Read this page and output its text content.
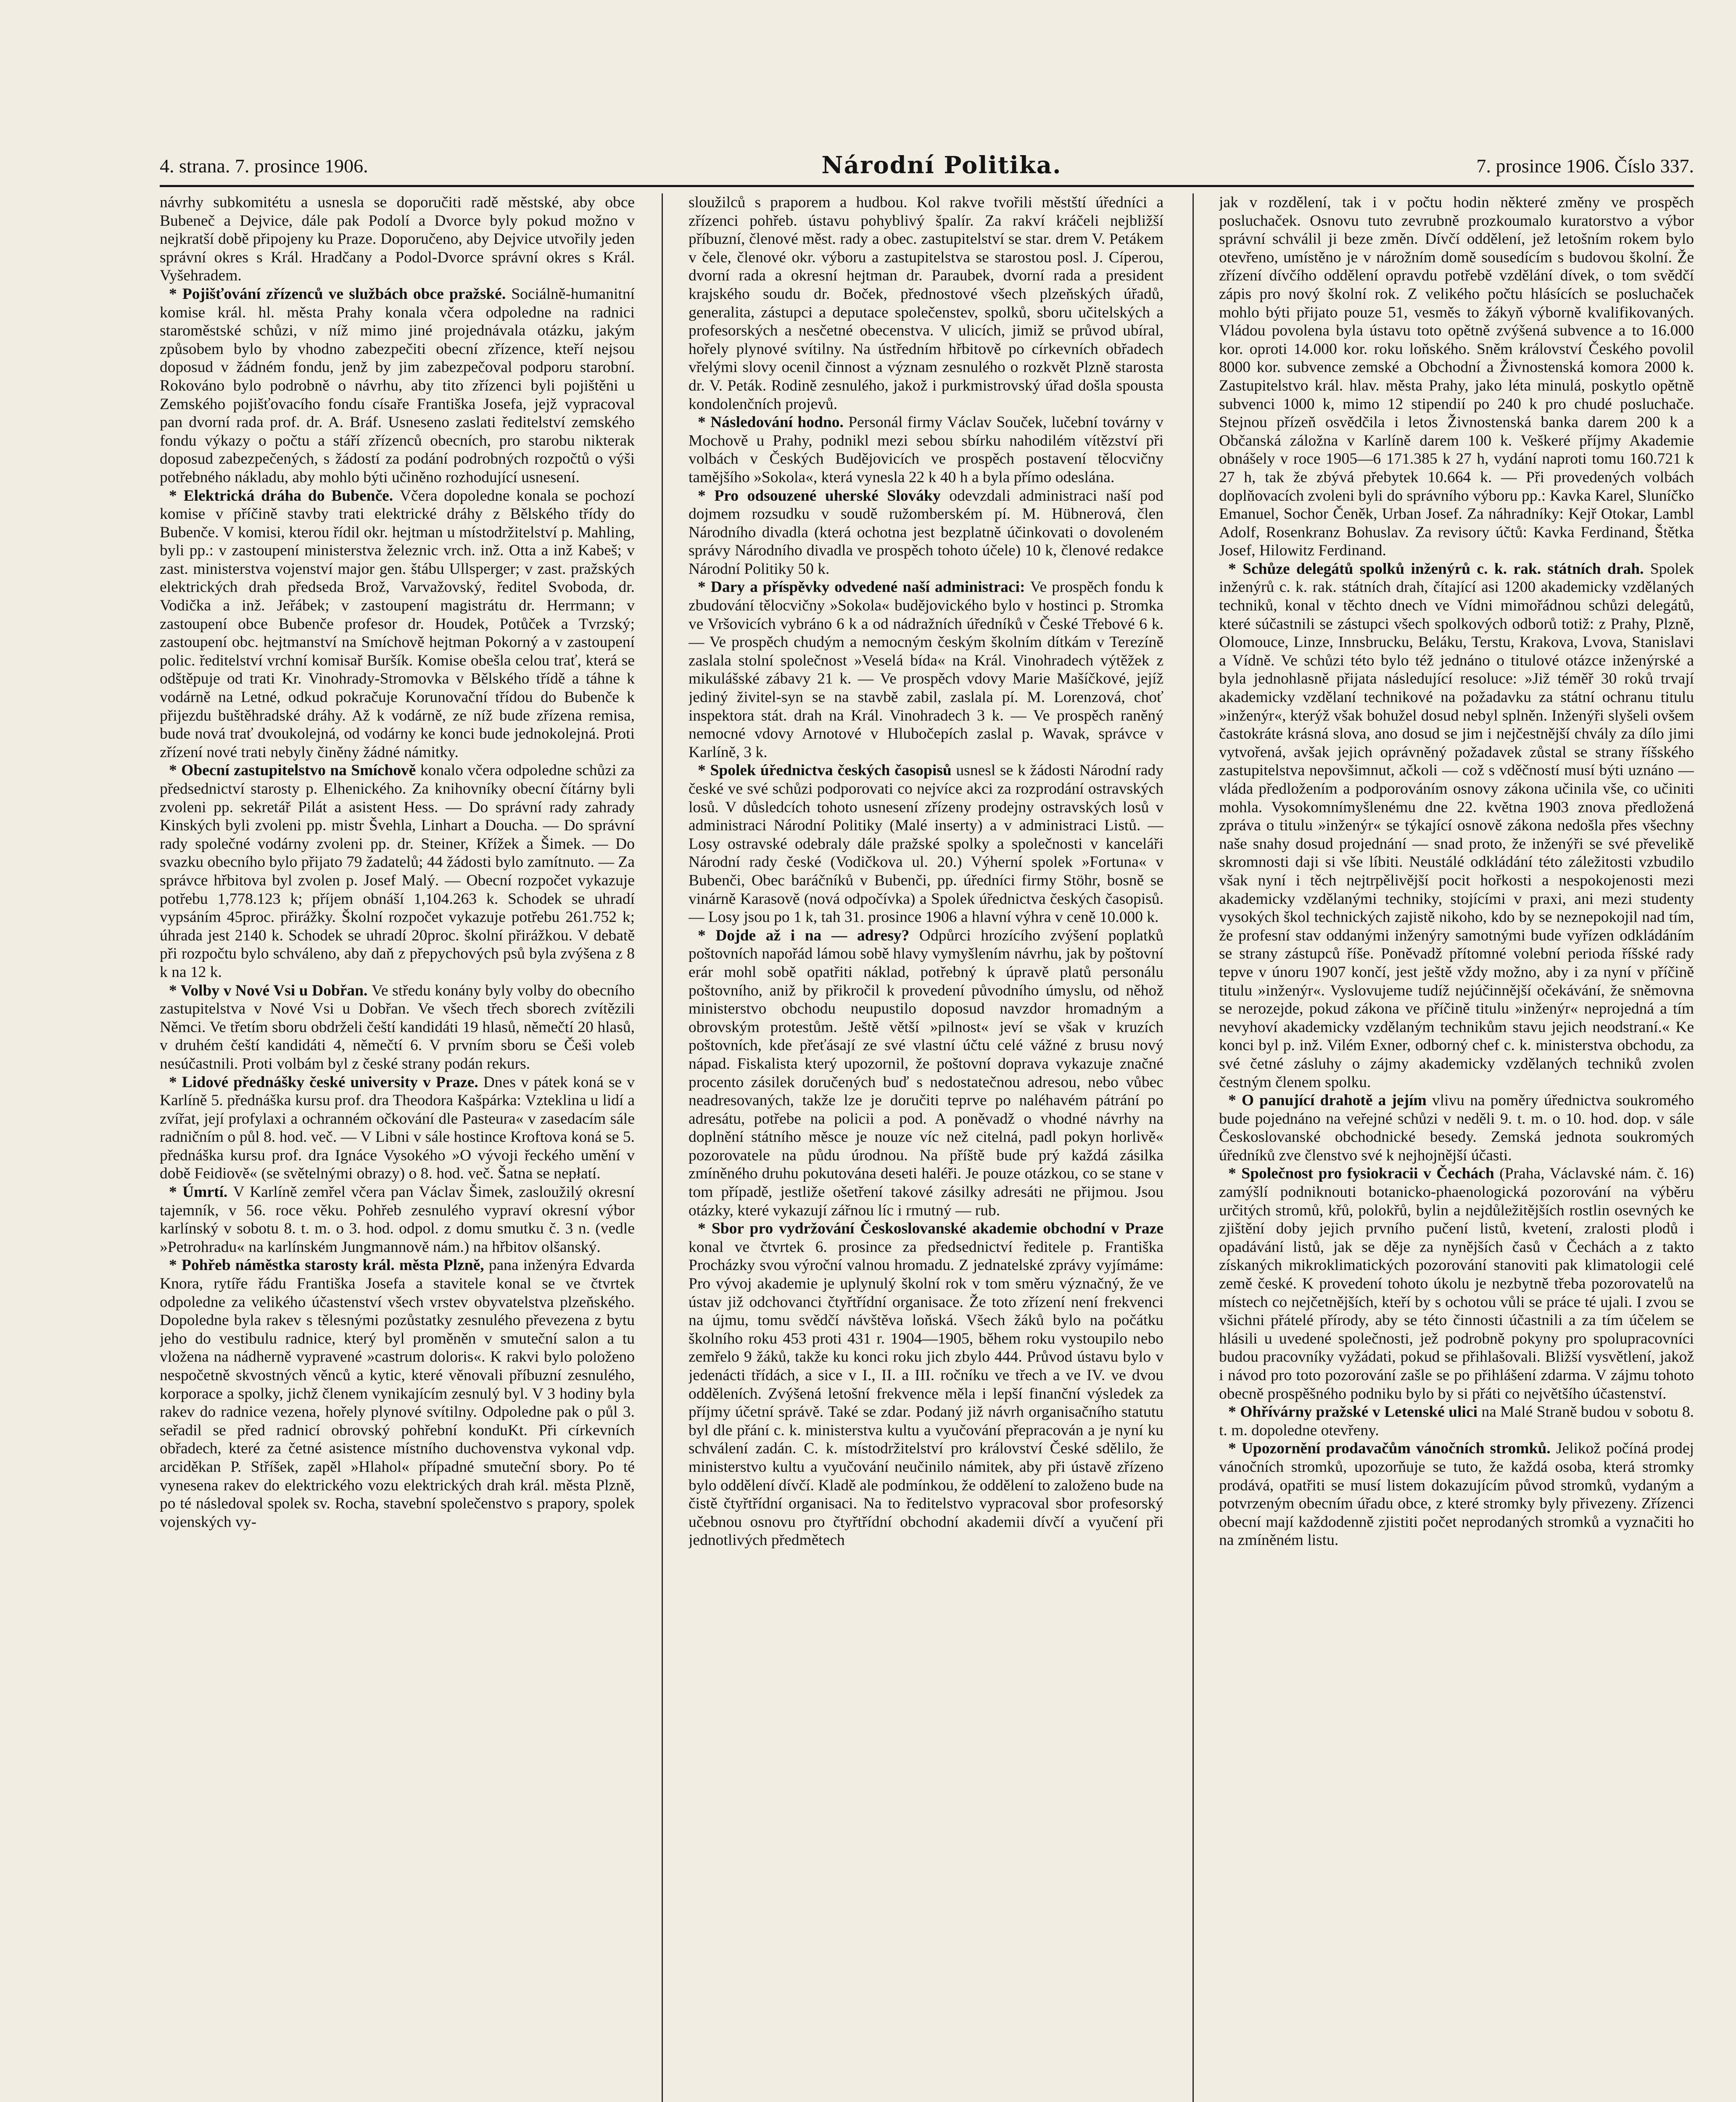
4. strana. 7. prosince 1906.	Národní Politika.	7. prosince 1906. Číslo 337.

návrhy subkomitétu a usnesla se doporučiti radě městské, aby obce Bubeneč a Dejvice, dále pak Podolí a Dvorce byly pokud možno v nejkratší době připojeny ku Praze. Doporučeno, aby Dejvice utvořily jeden správní okres s Král. Hradčany a Podol-Dvorce správní okres s Král. Vyšehradem.

* Pojišťování zřízenců ve službách obce pražské. Sociálně-humanitní komise král. hl. města Prahy konala včera odpoledne na radnici staroměstské schůzi, v níž mimo jiné projednávala otázku, jakým způsobem bylo by vhodno zabezpečiti obecní zřízence, kteří nejsou doposud v žádném fondu, jenž by jim zabezpečoval podporu starobní. Rokováno bylo podrobně o návrhu, aby tito zřízenci byli pojištěni u Zemského pojišťovacího fondu císaře Františka Josefa, jejž vypracoval pan dvorní rada prof. dr. A. Bráf. Usneseno zaslati ředitelství zemského fondu výkazy o počtu a stáří zřízenců obecních, pro starobu nikterak doposud zabezpečených, s žádostí za podání podrobných rozpočtů o výši potřebného nákladu, aby mohlo býti učiněno rozhodující usnesení.

* Elektrická dráha do Bubenče. Včera dopoledne konala se pochozí komise v příčině stavby trati elektrické dráhy z Bělského třídy do Bubenče. V komisi, kterou řídil okr. hejtman u místodržitelství p. Mahling, byli pp.: v zastoupení ministerstva železnic vrch. inž. Otta a inž Kabeš; v zast. ministerstva vojenství major gen. štábu Ullsperger; v zast. pražských elektrických drah předseda Brož, Varvažovský, ředitel Svoboda, dr. Vodička a inž. Jeřábek; v zastoupení magistrátu dr. Herrmann; v zastoupení obce Bubenče profesor dr. Houdek, Potůček a Tvrzský; zastoupení obc. hejtmanství na Smíchově hejtman Pokorný a v zastoupení polic. ředitelství vrchní komisař Buršík. Komise obešla celou trať, která se odštěpuje od trati Kr. Vinohrady-Stromovka v Bělského třídě a táhne k vodárně na Letné, odkud pokračuje Korunovační třídou do Bubenče k přijezdu buštěhradské dráhy. Až k vodárně, ze níž bude zřízena remisa, bude nová trať dvoukolejná, od vodárny ke konci bude jednokolejná. Proti zřízení nové trati nebyly činěny žádné námitky.

* Obecní zastupitelstvo na Smíchově konalo včera odpoledne schůzi za předsednictví starosty p. Elhenického. Za knihovníky obecní čítárny byli zvoleni pp. sekretář Pilát a asistent Hess. — Do správní rady zahrady Kinských byli zvoleni pp. mistr Švehla, Linhart a Doucha. — Do správní rady společné vodárny zvoleni pp. dr. Steiner, Křížek a Šimek. — Do svazku obecního bylo přijato 79 žadatelů; 44 žádosti bylo zamítnuto. — Za správce hřbitova byl zvolen p. Josef Malý. — Obecní rozpočet vykazuje potřebu 1,778.123 k; příjem obnáší 1,104.263 k. Schodek se uhradí vypsáním 45proc. přirážky. Školní rozpočet vykazuje potřebu 261.752 k; úhrada jest 2140 k. Schodek se uhradí 20proc. školní přirážkou. V debatě při rozpočtu bylo schváleno, aby daň z přepychových psů byla zvýšena z 8 k na 12 k.

* Volby v Nové Vsi u Dobřan. Ve středu konány byly volby do obecního zastupitelstva v Nové Vsi u Dobřan. Ve všech třech sborech zvítězili Němci. Ve třetím sboru obdrželi čeští kandidáti 19 hlasů, němečtí 20 hlasů, v druhém čeští kandidáti 4, němečtí 6. V prvním sboru se Češi voleb nesúčastnili. Proti volbám byl z české strany podán rekurs.

* Lidové přednášky české university v Praze. Dnes v pátek koná se v Karlíně 5. přednáška kursu prof. dra Theodora Kašpárka: Vzteklina u lidí a zvířat, její profylaxi a ochranném očkování dle Pasteura« v zasedacím sále radničním o půl 8. hod. več. — V Libni v sále hostince Kroftova koná se 5. přednáška kursu prof. dra Ignáce Vysokého »O vývoji řeckého umění v době Feidiově« (se světelnými obrazy) o 8. hod. več. Šatna se nepłatí.

* Úmrtí. V Karlíně zemřel včera pan Václav Šimek, zasloužilý okresní tajemník, v 56. roce věku. Pohřeb zesnulého vypraví okresní výbor karlínský v sobotu 8. t. m. o 3. hod. odpol. z domu smutku č. 3 n. (vedle »Petrohradu« na karlínském Jungmannově nám.) na hřbitov olšanský.

* Pohřeb náměstka starosty král. města Plzně, pana inženýra Edvarda Knora, rytíře řádu Františka Josefa a stavitele konal se ve čtvrtek odpoledne za velikého účastenství všech vrstev obyvatelstva plzeňského. Dopoledne byla rakev s tělesnými pozůstatky zesnulého převezena z bytu jeho do vestibulu radnice, který byl proměněn v smuteční salon a tu vložena na nádherně vypravené »castrum doloris«. K rakvi bylo položeno nespočetně skvostných věnců a kytic, které věnovali příbuzní zesnulého, korporace a spolky, jichž členem vynikajícím zesnulý byl. V 3 hodiny byla rakev do radnice vezena, hořely plynové svítilny. Odpoledne pak o půl 3. seřadil se před radnicí obrovský pohřební konduKt. Při církevních obřadech, které za četné asistence místního duchovenstva vykonal vdp. arciděkan P. Stříšek, zapěl »Hlahol« případné smuteční sbory. Po té vynesena rakev do elektrického vozu elektrických drah král. města Plzně, po té následoval spolek sv. Rocha, stavební společenstvo s prapory, spolek vojenských vy-

sloužilců s praporem a hudbou. Kol rakve tvořili městští úředníci a zřízenci pohřeb. ústavu pohyblivý špalír. Za rakví kráčeli nejbližší příbuzní, členové měst. rady a obec. zastupitelství se star. drem V. Petákem v čele, členové okr. výboru a zastupitelstva se starostou posl. J. Cíperou, dvorní rada a okresní hejtman dr. Paraubek, dvorní rada a president krajského soudu dr. Boček, přednostové všech plzeňských úřadů, generalita, zástupci a deputace společenstev, spolků, sboru učitelských a profesorských a nesčetné obecenstva. V ulicích, jimiž se průvod ubíral, hořely plynové svítilny. Na ústředním hřbitově po církevních obřadech vřelými slovy ocenil činnost a význam zesnulého o rozkvět Plzně starosta dr. V. Peták. Rodině zesnulého, jakož i purkmistrovský úřad došla spousta kondolenčních projevů.

* Následování hodno. Personál firmy Václav Souček, lučební továrny v Mochově u Prahy, podnikl mezi sebou sbírku nahodilém vítězství při volbách v Českých Budějovicích ve prospěch postavení tělocvičny tamějšího »Sokola«, která vynesla 22 k 40 h a byla přímo odeslána.

* Pro odsouzené uherské Slováky odevzdali administraci naší pod dojmem rozsudku v soudě ružomberském pí. M. Hübnerová, člen Národního divadla (která ochotna jest bezplatně účinkovati o dovoleném správy Národního divadla ve prospěch tohoto účele) 10 k, členové redakce Národní Politiky 50 k.

* Dary a příspěvky odvedené naší administraci: Ve prospěch fondu k zbudování tělocvičny »Sokola« budějovického bylo v hostinci p. Stromka ve Vršovicích vybráno 6 k a od nádražních úředníků v České Třebové 6 k. — Ve prospěch chudým a nemocným českým školním dítkám v Terezíně zaslala stolní společnost »Veselá bída« na Král. Vinohradech výtěžek z mikulášské zábavy 21 k. — Ve prospěch vdovy Marie Mašíčkové, jejíž jediný živitel-syn se na stavbě zabil, zaslala pí. M. Lorenzová, choť inspektora stát. drah na Král. Vinohradech 3 k. — Ve prospěch raněný nemocné vdovy Arnotové v Hlubočepích zaslal p. Wavak, správce v Karlíně, 3 k.

* Spolek úřednictva českých časopisů usnesl se k žádosti Národní rady české ve své schůzi podporovati co nejvíce akci za rozprodání ostravských losů. V důsledcích tohoto usnesení zřízeny prodejny ostravských losů v administraci Národní Politiky (Malé inserty) a v administraci Listů. — Losy ostravské odebraly dále pražské spolky a společnosti v kanceláři Národní rady české (Vodičkova ul. 20.) Výherní spolek »Fortuna« v Bubenči, Obec baráčníků v Bubenči, pp. úředníci firmy Stöhr, bosně se vinárně Karasově (nová odpočívka) a Spolek úřednictva českých časopisů. — Losy jsou po 1 k, tah 31. prosince 1906 a hlavní výhra v ceně 10.000 k.

* Dojde až i na — adresy? Odpůrci hrozícího zvýšení poplatků poštovních napořád lámou sobě hlavy vymyšlením návrhu, jak by poštovní erár mohl sobě opatřiti náklad, potřebný k úpravě platů personálu poštovního, aniž by přikročil k provedení původního úmyslu, od něhož ministerstvo obchodu neupustilo doposud navzdor hromadným a obrovským protestům. Ještě větší »pilnost« jeví se však v kruzích poštovních, kde přeťásají ze své vlastní účtu celé vážné z brusu nový nápad. Fiskalista který upozornil, že poštovní doprava vykazuje značné procento zásilek doručených buď s nedostatečnou adresou, nebo vůbec neadresovaných, takže lze je doručiti teprve po naléhavém pátrání po adresátu, potřebe na policii a pod. A poněvadž o vhodné návrhy na doplnění státního měsce je nouze víc než citelná, padl pokyn horlivě« pozorovatele na půdu úrodnou. Na příště bude prý každá zásilka zmíněného druhu pokutována deseti haléři. Je pouze otázkou, co se stane v tom případě, jestliže ošetření takové zásilky adresáti ne přijmou. Jsou otázky, které vykazují zářnou líc i rmutný — rub.

* Sbor pro vydržování Českoslovanské akademie obchodní v Praze konal ve čtvrtek 6. prosince za předsednictví ředitele p. Františka Procházky svou výroční valnou hromadu. Z jednatelské zprávy vyjímáme: Pro vývoj akademie je uplynulý školní rok v tom směru význačný, že ve ústav již odchovanci čtyřtřídní organisace. Že toto zřízení není frekvenci na újmu, tomu svědčí návštěva loňská. Všech žáků bylo na počátku školního roku 453 proti 431 r. 1904—1905, během roku vystoupilo nebo zemřelo 9 žáků, takže ku konci roku jich zbylo 444. Průvod ústavu bylo v jedenácti třídách, a sice v I., II. a III. ročníku ve třech a ve IV. ve dvou odděleních. Zvýšená letošní frekvence měla i lepší finanční výsledek za příjmy účetní správě. Také se zdar. Podaný již návrh organisačního statutu byl dle přání c. k. ministerstva kultu a vyučování přepracován a je nyní ku schválení zadán. C. k. místodržitelství pro království České sdělilo, že ministerstvo kultu a vyučování neučinilo námitek, aby při ústavě zřízeno bylo oddělení dívčí. Kladě ale podmínkou, že oddělení to založeno bude na čistě čtyřtřídní organisaci. Na to ředitelstvo vypracoval sbor profesorský učebnou osnovu pro čtyřtřídní obchodní akademii dívčí a vyučení při jednotlivých předmětech

jak v rozdělení, tak i v počtu hodin některé změny ve prospěch posluchaček. Osnovu tuto zevrubně prozkoumalo kuratorstvo a výbor správní schválil ji beze změn. Dívčí oddělení, jež letošním rokem bylo otevřeno, umístěno je v nárožním domě sousedícím s budovou školní. Že zřízení dívčího oddělení opravdu potřebě vzdělání dívek, o tom svědčí zápis pro nový školní rok. Z velikého počtu hlásících se posluchaček mohlo býti přijato pouze 51, vesměs to žákyň výborně kvalifikovaných. Vládou povolena byla ústavu toto opětně zvýšená subvence a to 16.000 kor. oproti 14.000 kor. roku loňského. Sněm království Českého povolil 8000 kor. subvence zemské a Obchodní a Živnostenská komora 2000 k. Zastupitelstvo král. hlav. města Prahy, jako léta minulá, poskytlo opětně subvenci 1000 k, mimo 12 stipendií po 240 k pro chudé posluchače. Stejnou přízeň osvědčila i letos Živnostenská banka darem 200 k a Občanská záložna v Karlíně darem 100 k. Veškeré příjmy Akademie obnášely v roce 1905—6 171.385 k 27 h, vydání naproti tomu 160.721 k 27 h, tak že zbývá přebytek 10.664 k. — Při provedených volbách doplňovacích zvoleni byli do správního výboru pp.: Kavka Karel, Sluníčko Emanuel, Sochor Čeněk, Urban Josef. Za náhradníky: Kejř Otokar, Lambl Adolf, Rosenkranz Bohuslav. Za revisory účtů: Kavka Ferdinand, Štětka Josef, Hilowitz Ferdinand.

* Schůze delegátů spolků inženýrů c. k. rak. státních drah. Spolek inženýrů c. k. rak. státních drah, čítající asi 1200 akademicky vzdělaných techniků, konal v těchto dnech ve Vídni mimořádnou schůzi delegátů, které súčastnili se zástupci všech spolkových odborů totiž: z Prahy, Plzně, Olomouce, Linze, Innsbrucku, Beláku, Terstu, Krakova, Lvova, Stanislavi a Vídně. Ve schůzi této bylo též jednáno o titulové otázce inženýrské a byla jednohlasně přijata následující resoluce: »Již téměř 30 roků trvají akademicky vzdělaní technikové na požadavku za státní ochranu titulu »inženýr«, kterýž však bohužel dosud nebyl splněn. Inženýři slyšeli ovšem častokráte krásná slova, ano dosud se jim i nejčestnější chvály za dílo jimi vytvořená, avšak jejich oprávněný požadavek zůstal se strany říšského zastupitelstva nepovšimnut, ačkoli — což s vděčností musí býti uznáno — vláda předložením a podporováním osnovy zákona učinila vše, co učiniti mohla. Vysokomnímyšlenému dne 22. května 1903 znova předložená zpráva o titulu »inženýr« se týkající osnově zákona nedošla přes všechny naše snahy dosud projednání — snad proto, že inženýři se své převelikě skromnosti daji si vše líbiti. Neustálé odkládání této záležitosti vzbudilo však nyní i těch nejtrpělivější pocit hořkosti a nespokojenosti mezi akademicky vzdělanými techniky, stojícími v praxi, ani mezi studenty vysokých škol technických zajistě nikoho, kdo by se neznepokojil nad tím, že profesní stav oddanými inženýry samotnými bude vyřízen odkládáním se strany zástupců říše. Poněvadž přítomné volební perioda říšské rady tepve v únoru 1907 končí, jest ještě vždy možno, aby i za nyní v příčině titulu »inženýr«. Vyslovujeme tudíž nejúčinnější očekávání, že sněmovna se nerozejde, pokud zákona ve příčině titulu »inženýr« neprojedná a tím nevyhoví akademicky vzdělaným technikům stavu jejich neodstraní.« Ke konci byl p. inž. Vilém Exner, odborný chef c. k. ministerstva obchodu, za své četné zásluhy o zájmy akademicky vzdělaných techniků zvolen čestným členem spolku.

* O panující drahotě a jejím vlivu na poměry úřednictva soukromého bude pojednáno na veřejné schůzi v neděli 9. t. m. o 10. hod. dop. v sále Českoslovanské obchodnické besedy. Zemská jednota soukromých úředníků zve členstvo své k nejhojnější účasti.

* Společnost pro fysiokracii v Čechách (Praha, Václavské nám. č. 16) zamýšlí podniknouti botanicko-phaenologická pozorování na výběru určitých stromů, křů, polokřů, bylin a nejdůležitějších rostlin osevných ke zjištění doby jejich prvního pučení listů, kvetení, zralosti plodů i opadávání listů, jak se děje za nynějších časů v Čechách a z takto získaných mikroklimatických pozorování stanoviti pak klimatologii celé země české. K provedení tohoto úkolu je nezbytně třeba pozorovatelů na místech co nejčetnějších, kteří by s ochotou vůli se práce té ujali. I zvou se všichni přátelé přírody, aby se této činnosti účastnili a za tím účelem se hlásili u uvedené společnosti, jež podrobně pokyny pro spolupracovníci budou pracovníky vyžádati, pokud se přihlašovali. Bližší vysvětlení, jakož i návod pro toto pozorování zašle se po přihlášení zdarma. V zájmu tohoto obecně prospěšného podniku bylo by si přáti co největšího účastenství.

* Ohřívárny pražské v Letenské ulici na Malé Straně budou v sobotu 8. t. m. dopoledne otevřeny.

* Upozornění prodavačům vánočních stromků. Jelikož počíná prodej vánočních stromků, upozorňuje se tuto, že každá osoba, která stromky prodává, opatřiti se musí listem dokazujícím původ stromků, vydaným a potvrzeným obecním úřadu obce, z které stromky byly přivezeny. Zřízenci obecní mají každodenně zjistiti počet neprodaných stromků a vyznačiti ho na zmíněném listu.
